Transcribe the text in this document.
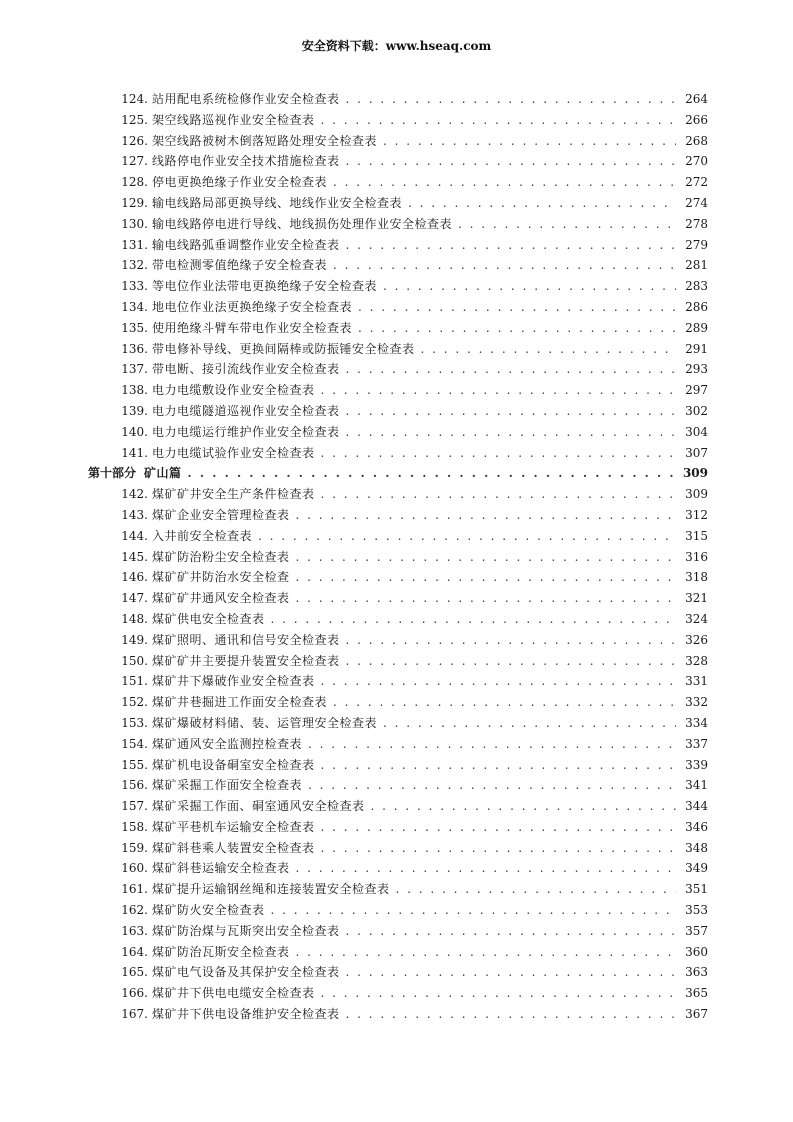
安全资料下载：www.hseaq.com
124. 站用配电系统检修作业安全检查表 . . .	264
125. 架空线路巡视作业安全检查表 . . .	266
126. 架空线路被树木倒落短路处理安全检查表 . . .	268
127. 线路停电作业安全技术措施检查表 . . .	270
128. 停电更换绝缘子作业安全检查表 . . .	272
129. 输电线路局部更换导线、地线作业安全检查表 . . .	274
130. 输电线路停电进行导线、地线损伤处理作业安全检查表 . . .	278
131. 输电线路弧垂调整作业安全检查表 . . .	279
132. 带电检测零值绝缘子安全检查表 . . .	281
133. 等电位作业法带电更换绝缘子安全检查表 . . .	283
134. 地电位作业法更换绝缘子安全检查表 . . .	286
135. 使用绝缘斗臂车带电作业安全检查表 . . .	289
136. 带电修补导线、更换间隔棒或防振锤安全检查表 . . .	291
137. 带电断、接引流线作业安全检查表 . . .	293
138. 电力电缆敷设作业安全检查表 . . .	297
139. 电力电缆隧道巡视作业安全检查表 . . .	302
140. 电力电缆运行维护作业安全检查表 . . .	304
141. 电力电缆试验作业安全检查表 . . .	307
第十部分 矿山篇 . . .	309
142. 煤矿矿井安全生产条件检查表 . . .	309
143. 煤矿企业安全管理检查表 . . .	312
144. 入井前安全检查表 . . .	315
145. 煤矿防治粉尘安全检查表 . . .	316
146. 煤矿矿井防治水安全检查 . . .	318
147. 煤矿矿井通风安全检查表 . . .	321
148. 煤矿供电安全检查表 . . .	324
149. 煤矿照明、通讯和信号安全检查表 . . .	326
150. 煤矿矿井主要提升装置安全检查表 . . .	328
151. 煤矿井下爆破作业安全检查表 . . .	331
152. 煤矿井巷掘进工作面安全检查表 . . .	332
153. 煤矿爆破材料储、装、运管理安全检查表 . . .	334
154. 煤矿通风安全监测控检查表 . . .	337
155. 煤矿机电设备硐室安全检查表 . . .	339
156. 煤矿采掘工作面安全检查表 . . .	341
157. 煤矿采掘工作面、硐室通风安全检查表 . . .	344
158. 煤矿平巷机车运输安全检查表 . . .	346
159. 煤矿斜巷乘人装置安全检查表 . . .	348
160. 煤矿斜巷运输安全检查表 . . .	349
161. 煤矿提升运输钢丝绳和连接装置安全检查表 . . .	351
162. 煤矿防火安全检查表 . . .	353
163. 煤矿防治煤与瓦斯突出安全检查表 . . .	357
164. 煤矿防治瓦斯安全检查表 . . .	360
165. 煤矿电气设备及其保护安全检查表 . . .	363
166. 煤矿井下供电电缆安全检查表 . . .	365
167. 煤矿井下供电设备维护安全检查表 . . .	367
